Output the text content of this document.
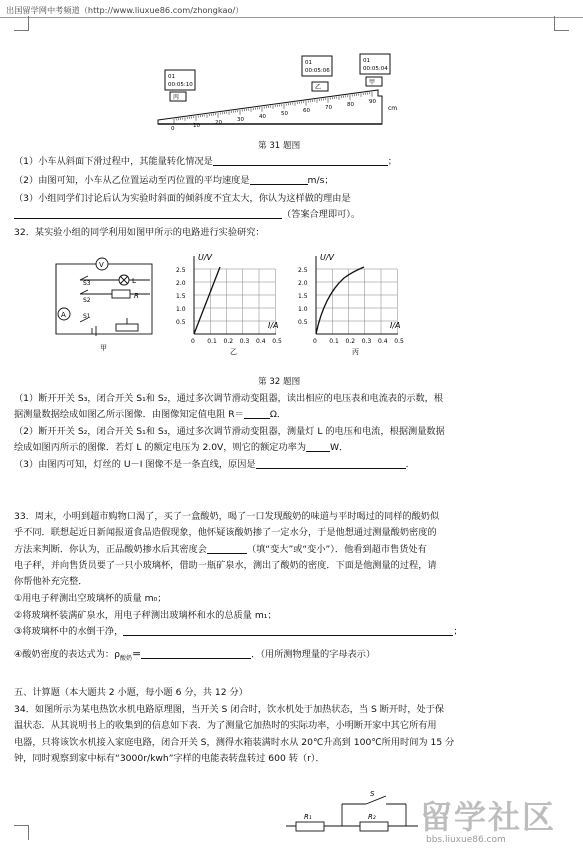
出国留学网中考频道（http://www.liuxue86.com/zhongkao/）
0
10	20	30	40
50	60	70	80	90
cm
01
00:05:10
丙
01
00:05:06
乙
01
00:05:04
甲
第 31 题图
（1）小车从斜面下滑过程中，其能量转化情况是	；
（2）由图可知，小车从乙位置运动至丙位置的平均速度是	m/s；
（3）小组同学们讨论后认为实验时斜面的倾斜度不宜太大，你认为这样做的理由是
（答案合理即可）。
32．某实验小组的同学利用如图甲所示的电路进行实验研究：
V
L
R
A
S3
S2
S1
甲
U/V
I/A
2.5
2.0
1.5
1.0
0.5
0 0.1 0.2 0.3 0.4 0.5
乙
U/V
I/A
2.5
2.0
1.5
1.0
0.5
0 0.1 0.2 0.3 0.4 0.5
丙
第 32 题图
（1）断开开关 S₃，闭合开关 S₁和 S₂，通过多次调节滑动变阻器，读出相应的电压表和电流表的示数，根
据测量数据绘成如图乙所示图像．由图像知定值电阻 R＝	Ω．
（2）断开开关 S₂，闭合开关 S₁和 S₃，通过多次调节滑动变阻器，测量灯 L 的电压和电流，根据测量数据
绘成如图丙所示的图像．若灯 L 的额定电压为 2.0V，则它的额定功率为	W．
（3）由图丙可知，灯丝的 U－I 图像不是一条直线，原因是	．
33．周末，小明到超市购物口渴了，买了一盒酸奶，喝了一口发现酸奶的味道与平时喝过的同样的酸奶似
乎不同．联想起近日新闻报道食品造假现象，他怀疑该酸奶掺了一定水分，于是他想通过测量酸奶密度的
方法来判断．你认为，正品酸奶掺水后其密度会	（填“变大”或“变小”）．他看到超市售货处有
电子秤，并向售货员要了一只小玻璃杯，借助一瓶矿泉水，测出了酸奶的密度．下面是他测量的过程，请
你帮他补充完整．
①用电子秤测出空玻璃杯的质量 m₀；
②将玻璃杯装满矿泉水，用电子秤测出玻璃杯和水的总质量 m₁；
③将玻璃杯中的水倒干净，	；
④酸奶密度的表达式为：$\rho_{酸奶}=$	．（用所测物理量的字母表示）
五、计算题（本大题共 2 小题，每小题 6 分，共 12 分）
34．如图所示为某电热饮水机电路原理图，当开关 S 闭合时，饮水机处于加热状态，当 S 断开时，处于保
温状态．从其说明书上的收集到的信息如下表．为了测量它加热时的实际功率，小明断开家中其它所有用
电器，只将该饮水机接入家庭电路，闭合开关 S，测得水箱装满时水从 20℃升高到 100℃所用时间为 15 分
钟，同时观察到家中标有“3000r/kwh”字样的电能表转盘转过 600 转（r）．
S
R₁	R₂ 留学社区
bbs.liuxue86.com
